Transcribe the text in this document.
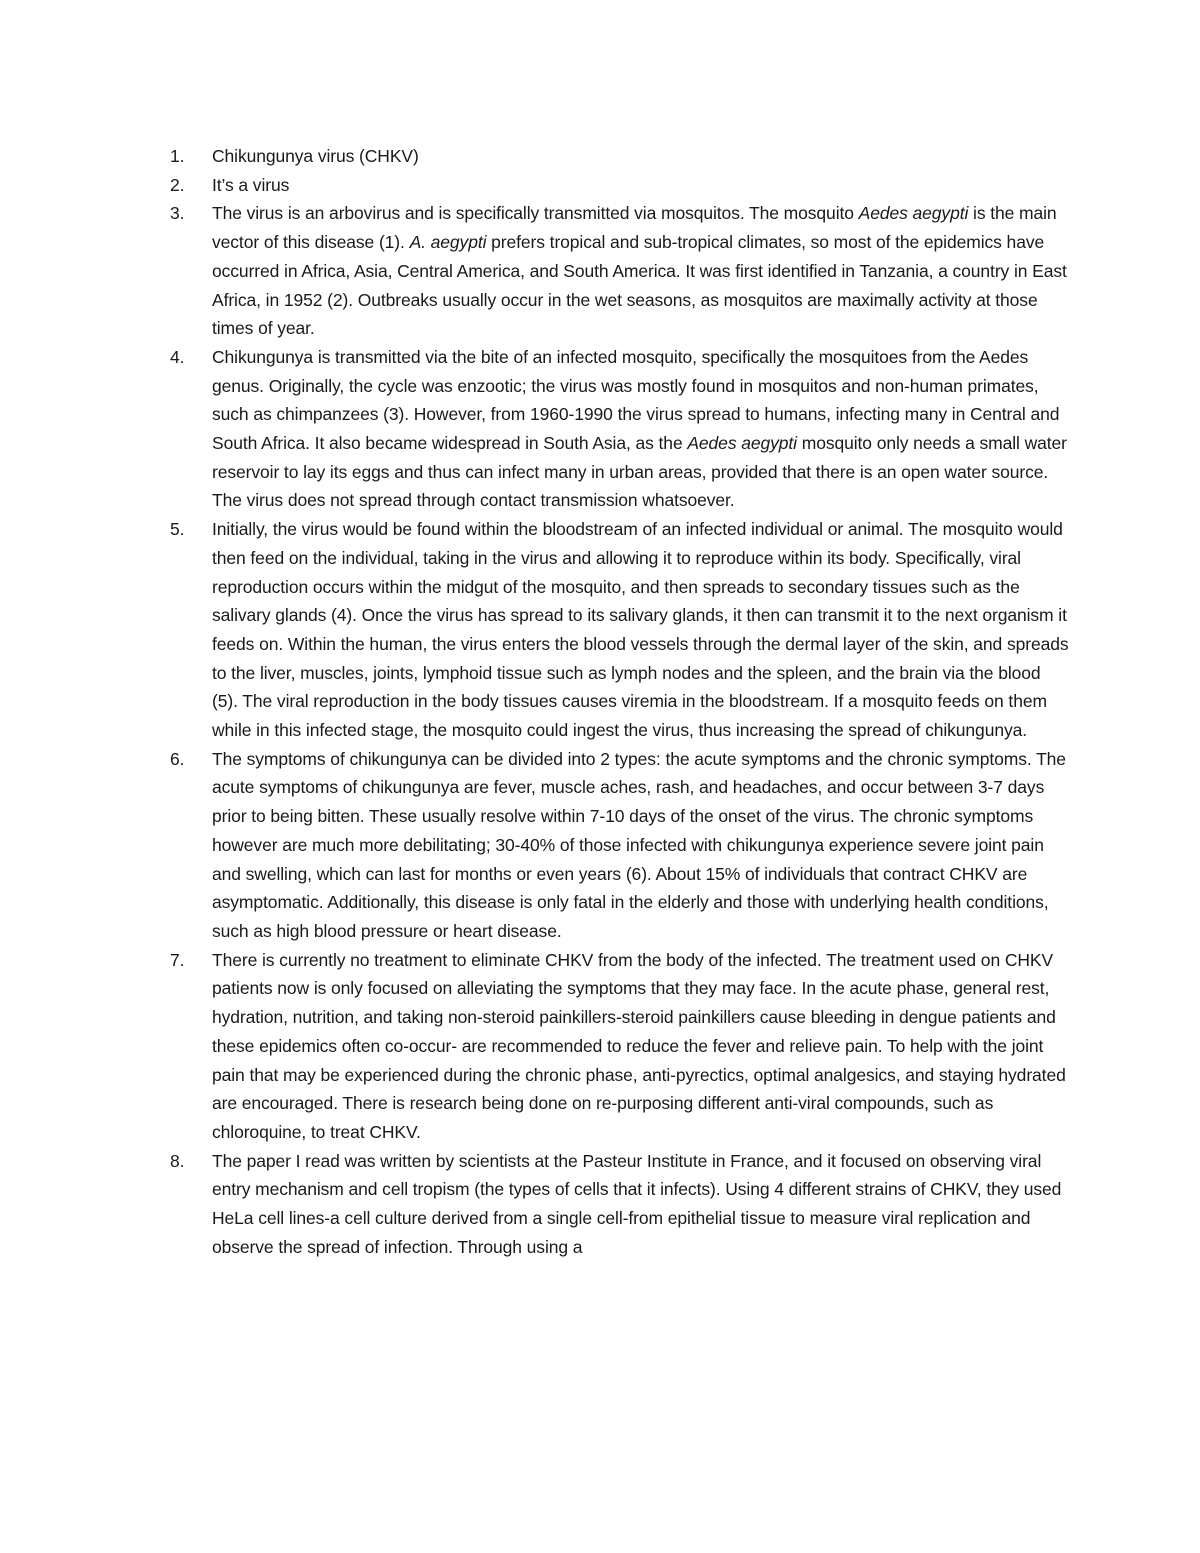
1. Chikungunya virus (CHKV)
2. It’s a virus
3. The virus is an arbovirus and is specifically transmitted via mosquitos. The mosquito Aedes aegypti is the main vector of this disease (1). A. aegypti prefers tropical and sub-tropical climates, so most of the epidemics have occurred in Africa, Asia, Central America, and South America. It was first identified in Tanzania, a country in East Africa, in 1952 (2). Outbreaks usually occur in the wet seasons, as mosquitos are maximally activity at those times of year.
4. Chikungunya is transmitted via the bite of an infected mosquito, specifically the mosquitoes from the Aedes genus. Originally, the cycle was enzootic; the virus was mostly found in mosquitos and non-human primates, such as chimpanzees (3). However, from 1960-1990 the virus spread to humans, infecting many in Central and South Africa. It also became widespread in South Asia, as the Aedes aegypti mosquito only needs a small water reservoir to lay its eggs and thus can infect many in urban areas, provided that there is an open water source. The virus does not spread through contact transmission whatsoever.
5. Initially, the virus would be found within the bloodstream of an infected individual or animal. The mosquito would then feed on the individual, taking in the virus and allowing it to reproduce within its body. Specifically, viral reproduction occurs within the midgut of the mosquito, and then spreads to secondary tissues such as the salivary glands (4). Once the virus has spread to its salivary glands, it then can transmit it to the next organism it feeds on. Within the human, the virus enters the blood vessels through the dermal layer of the skin, and spreads to the liver, muscles, joints, lymphoid tissue such as lymph nodes and the spleen, and the brain via the blood (5). The viral reproduction in the body tissues causes viremia in the bloodstream. If a mosquito feeds on them while in this infected stage, the mosquito could ingest the virus, thus increasing the spread of chikungunya.
6. The symptoms of chikungunya can be divided into 2 types: the acute symptoms and the chronic symptoms. The acute symptoms of chikungunya are fever, muscle aches, rash, and headaches, and occur between 3-7 days prior to being bitten. These usually resolve within 7-10 days of the onset of the virus. The chronic symptoms however are much more debilitating; 30-40% of those infected with chikungunya experience severe joint pain and swelling, which can last for months or even years (6). About 15% of individuals that contract CHKV are asymptomatic. Additionally, this disease is only fatal in the elderly and those with underlying health conditions, such as high blood pressure or heart disease.
7. There is currently no treatment to eliminate CHKV from the body of the infected. The treatment used on CHKV patients now is only focused on alleviating the symptoms that they may face. In the acute phase, general rest, hydration, nutrition, and taking non-steroid painkillers-steroid painkillers cause bleeding in dengue patients and these epidemics often co-occur- are recommended to reduce the fever and relieve pain. To help with the joint pain that may be experienced during the chronic phase, anti-pyrectics, optimal analgesics, and staying hydrated are encouraged. There is research being done on re-purposing different anti-viral compounds, such as chloroquine, to treat CHKV.
8. The paper I read was written by scientists at the Pasteur Institute in France, and it focused on observing viral entry mechanism and cell tropism (the types of cells that it infects). Using 4 different strains of CHKV, they used HeLa cell lines-a cell culture derived from a single cell-from epithelial tissue to measure viral replication and observe the spread of infection. Through using a
